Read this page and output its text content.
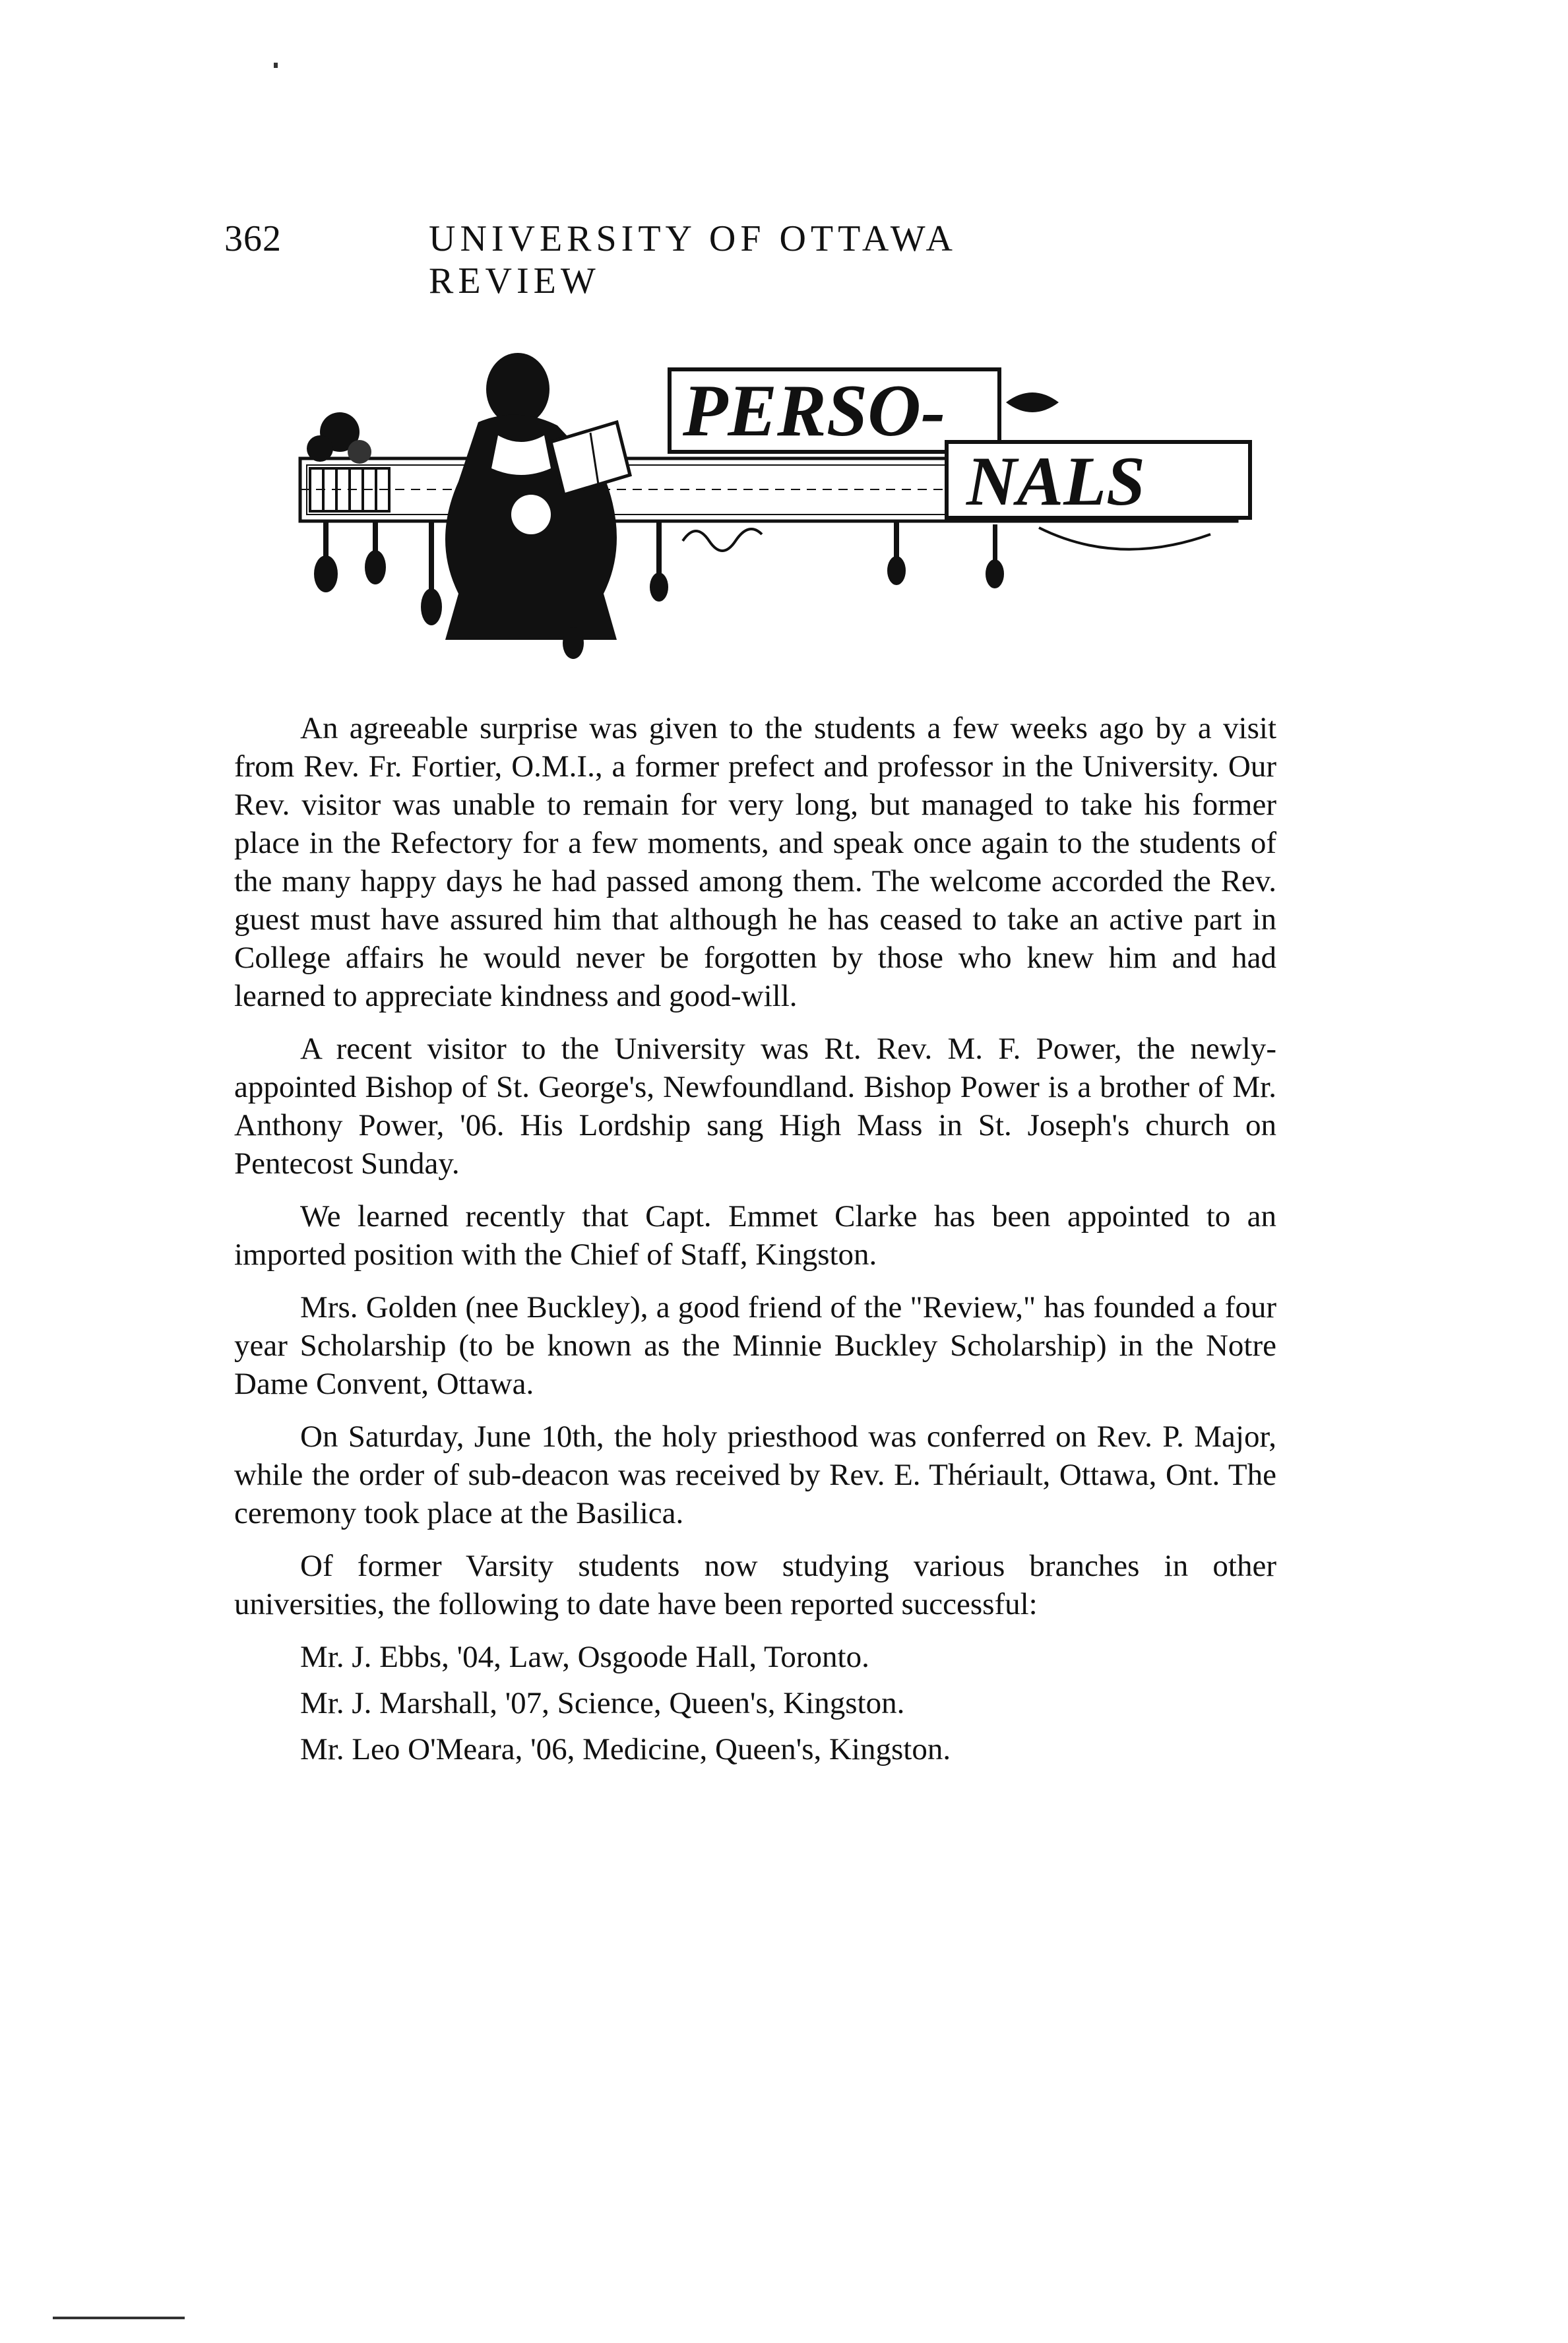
362	UNIVERSITY OF OTTAWA REVIEW
PERSO-
NALS

An agreeable surprise was given to the students a few weeks ago by a visit from Rev. Fr. Fortier, O.M.I., a former prefect and professor in the University. Our Rev. visitor was unable to remain for very long, but managed to take his former place in the Refectory for a few moments, and speak once again to the students of the many happy days he had passed among them. The welcome accorded the Rev. guest must have assured him that although he has ceased to take an active part in College affairs he would never be forgotten by those who knew him and had learned to appreciate kindness and good-will.

A recent visitor to the University was Rt. Rev. M. F. Power, the newly-appointed Bishop of St. George's, Newfoundland. Bishop Power is a brother of Mr. Anthony Power, '06. His Lordship sang High Mass in St. Joseph's church on Pentecost Sunday.

We learned recently that Capt. Emmet Clarke has been appointed to an imported position with the Chief of Staff, Kingston.

Mrs. Golden (nee Buckley), a good friend of the "Review," has founded a four year Scholarship (to be known as the Minnie Buckley Scholarship) in the Notre Dame Convent, Ottawa.

On Saturday, June 10th, the holy priesthood was conferred on Rev. P. Major, while the order of sub-deacon was received by Rev. E. Thériault, Ottawa, Ont. The ceremony took place at the Basilica.

Of former Varsity students now studying various branches in other universities, the following to date have been reported successful:

Mr. J. Ebbs, '04, Law, Osgoode Hall, Toronto.

Mr. J. Marshall, '07, Science, Queen's, Kingston.

Mr. Leo O'Meara, '06, Medicine, Queen's, Kingston.
